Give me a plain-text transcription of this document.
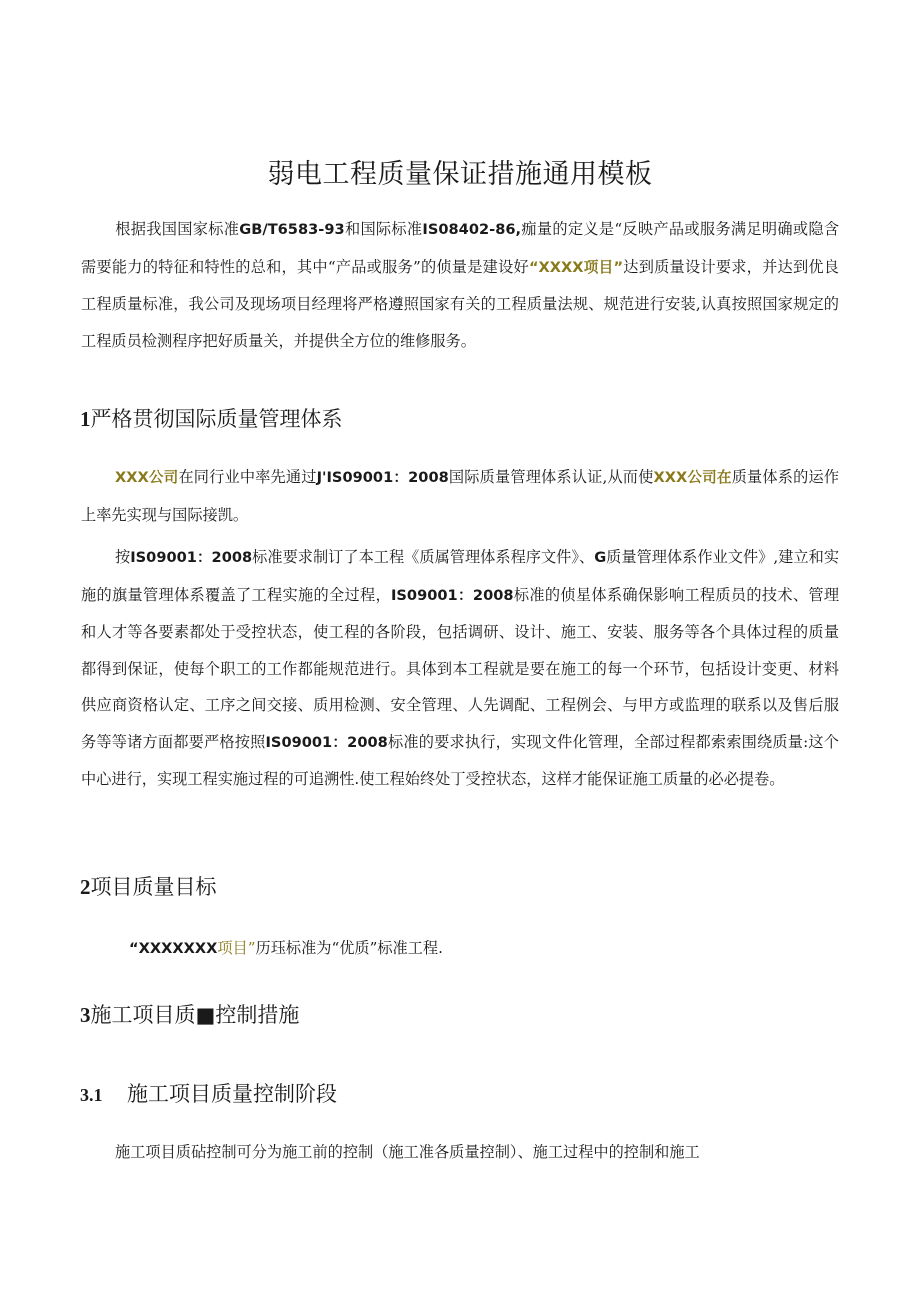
弱电工程质量保证措施通用模板

根据我国国家标准GB/T6583-93和国际标准IS08402-86,痂量的定义是“反映产品或服务满足明确或隐含需要能力的特征和特性的总和，其中“产品或服务”的侦量是建设好“XXXX项目”达到质量设计要求，并达到优良工程质量标准，我公司及现场项目经理将严格遵照国家有关的工程质量法规、规范进行安装,认真按照国家规定的工程质员检测程序把好质量关，并提供全方位的维修服务。

1严格贯彻国际质量管理体系

XXX公司在同行业中率先通过J'IS09001：2008国际质量管理体系认证,从而使XXX公司在质量体系的运作上率先实现与国际接凯。

按IS09001：2008标准要求制订了本工程《质属管理体系程序文件》、G质量管理体系作业文件》,建立和实施的旗量管理体系覆盖了工程实施的全过程，IS09001：2008标准的侦星体系确保影响工程质员的技术、管理和人才等各要素都处于受控状态，使工程的各阶段，包括调研、设计、施工、安装、服务等各个具体过程的质量都得到保证，使每个职工的工作都能规范进行。具体到本工程就是要在施工的每一个环节，包括设计变更、材料供应商资格认定、工序之间交接、质用检测、安全管理、人先调配、工程例会、与甲方或监理的联系以及售后服务等等诸方面都要严格按照IS09001：2008标准的要求执行，实现文件化管理，全部过程都索索围绕质量:这个中心进行，实现工程实施过程的可追溯性.使工程始终处丁受控状态，这样才能保证施工质量的必必提卷。

2项目质量目标

“XXXXXXX项目”历珏标准为“优质”标准工程.

3施工项目质■控制措施
3.1 施工项目质量控制阶段

施工项目质砧控制可分为施工前的控制（施工准各质量控制）、施工过程中的控制和施工
